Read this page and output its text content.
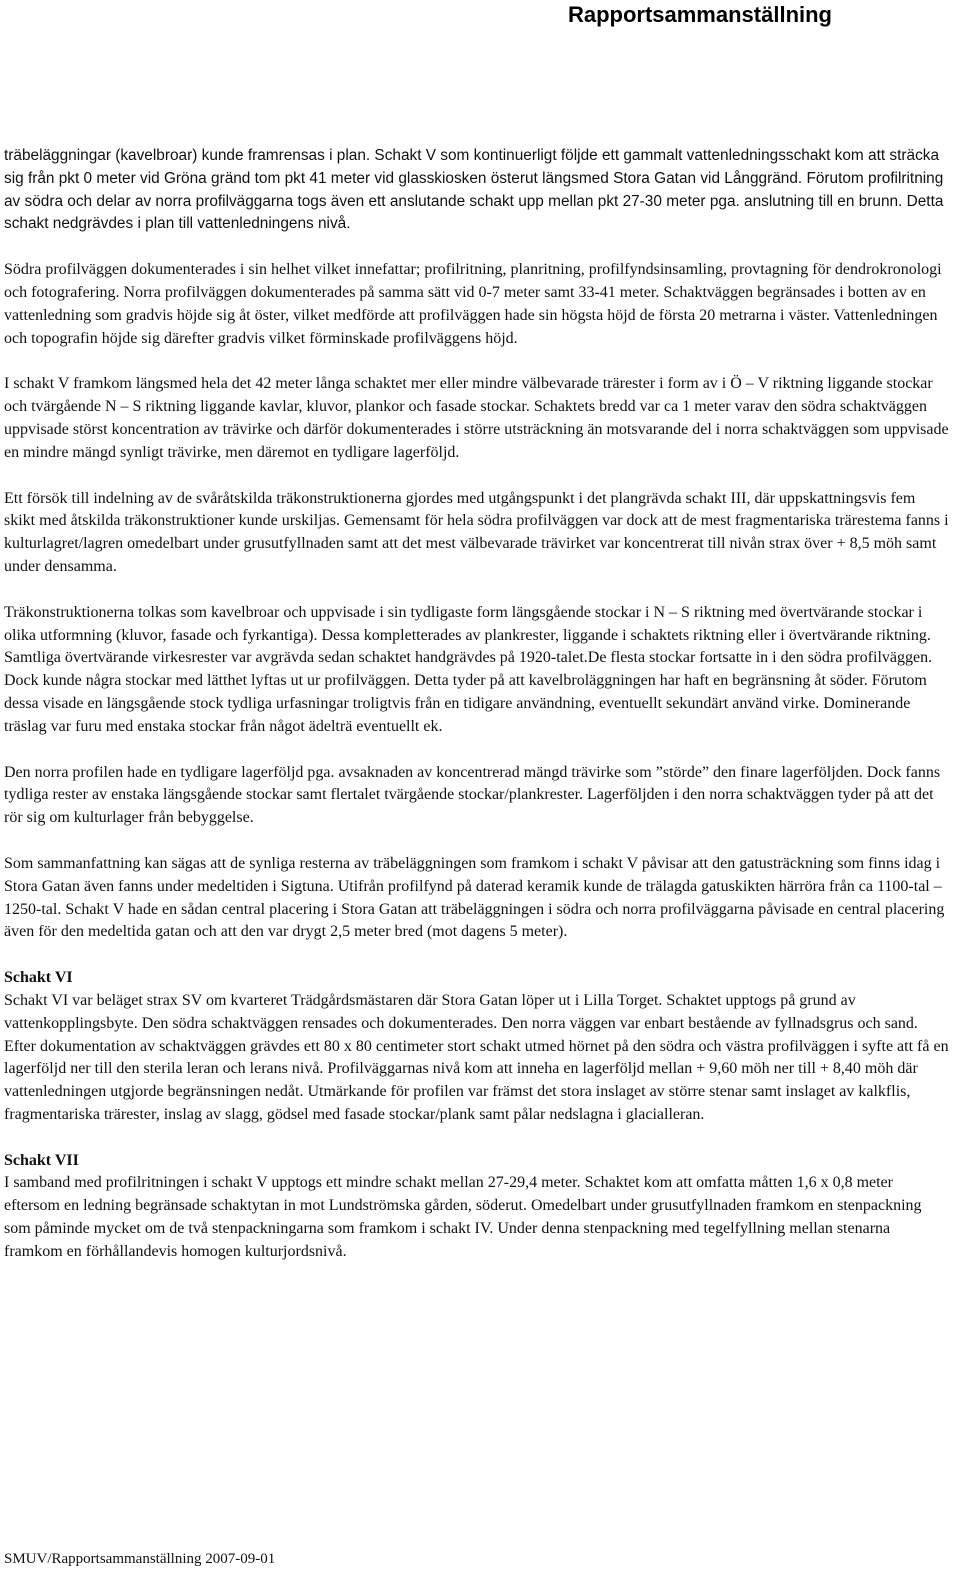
Rapportsammanställning

träbeläggningar (kavelbroar) kunde framrensas i plan. Schakt V som kontinuerligt följde ett gammalt vattenledningsschakt kom att sträcka sig från pkt 0 meter vid Gröna gränd tom pkt 41 meter vid glasskiosken österut längsmed Stora Gatan vid Långgränd. Förutom profilritning av södra och delar av norra profilväggarna togs även ett anslutande schakt upp mellan pkt 27-30 meter pga. anslutning till en brunn. Detta schakt nedgrävdes i plan till vattenledningens nivå.

Södra profilväggen dokumenterades i sin helhet vilket innefattar; profilritning, planritning, profilfyndsinsamling, provtagning för dendrokronologi och fotografering. Norra profilväggen dokumenterades på samma sätt vid 0-7 meter samt 33-41 meter. Schaktväggen begränsades i botten av en vattenledning som gradvis höjde sig åt öster, vilket medförde att profilväggen hade sin högsta höjd de första 20 metrarna i väster. Vattenledningen och topografin höjde sig därefter gradvis vilket förminskade profilväggens höjd.

I schakt V framkom längsmed hela det 42 meter långa schaktet mer eller mindre välbevarade trärester i form av i Ö – V riktning liggande stockar och tvärgående N – S riktning liggande kavlar, kluvor, plankor och fasade stockar. Schaktets bredd var ca 1 meter varav den södra schaktväggen uppvisade störst koncentration av trävirke och därför dokumenterades i större utsträckning än motsvarande del i norra schaktväggen som uppvisade en mindre mängd synligt trävirke, men däremot en tydligare lagerföljd.

Ett försök till indelning av de svåråtskilda träkonstruktionerna gjordes med utgångspunkt i det plangrävda schakt III, där uppskattningsvis fem skikt med åtskilda träkonstruktioner kunde urskiljas. Gemensamt för hela södra profilväggen var dock att de mest fragmentariska trärestema fanns i kulturlagret/lagren omedelbart under grusutfyllnaden samt att det mest välbevarade trävirket var koncentrerat till nivån strax över + 8,5 möh samt under densamma.

Träkonstruktionerna tolkas som kavelbroar och uppvisade i sin tydligaste form längsgående stockar i N – S riktning med övertvärande stockar i olika utformning (kluvor, fasade och fyrkantiga). Dessa kompletterades av plankrester, liggande i schaktets riktning eller i övertvärande riktning. Samtliga övertvärande virkesrester var avgrävda sedan schaktet handgrävdes på 1920-talet.De flesta stockar fortsatte in i den södra profilväggen. Dock kunde några stockar med lätthet lyftas ut ur profilväggen. Detta tyder på att kavelbroläggningen har haft en begränsning åt söder. Förutom dessa visade en längsgående stock tydliga urfasningar troligtvis från en tidigare användning, eventuellt sekundärt använd virke. Dominerande träslag var furu med enstaka stockar från något ädelträ eventuellt ek.

Den norra profilen hade en tydligare lagerföljd pga. avsaknaden av koncentrerad mängd trävirke som ”störde” den finare lagerföljden. Dock fanns tydliga rester av enstaka längsgående stockar samt flertalet tvärgående stockar/plankrester. Lagerföljden i den norra schaktväggen tyder på att det rör sig om kulturlager från bebyggelse.

Som sammanfattning kan sägas att de synliga resterna av träbeläggningen som framkom i schakt V påvisar att den gatusträckning som finns idag i Stora Gatan även fanns under medeltiden i Sigtuna. Utifrån profilfynd på daterad keramik kunde de trälagda gatuskikten härröra från ca 1100-tal – 1250-tal. Schakt V hade en sådan central placering i Stora Gatan att träbeläggningen i södra och norra profilväggarna påvisade en central placering även för den medeltida gatan och att den var drygt 2,5 meter bred (mot dagens 5 meter).

Schakt VI

Schakt VI var beläget strax SV om kvarteret Trädgårdsmästaren där Stora Gatan löper ut i Lilla Torget. Schaktet upptogs på grund av vattenkopplingsbyte. Den södra schaktväggen rensades och dokumenterades. Den norra väggen var enbart bestående av fyllnadsgrus och sand. Efter dokumentation av schaktväggen grävdes ett 80 x 80 centimeter stort schakt utmed hörnet på den södra och västra profilväggen i syfte att få en lagerföljd ner till den sterila leran och lerans nivå. Profilväggarnas nivå kom att inneha en lagerföljd mellan + 9,60 möh ner till + 8,40 möh där vattenledningen utgjorde begränsningen nedåt. Utmärkande för profilen var främst det stora inslaget av större stenar samt inslaget av kalkflis, fragmentariska trärester, inslag av slagg, gödsel med fasade stockar/plank samt pålar nedslagna i glacialleran.

Schakt VII

I samband med profilritningen i schakt V upptogs ett mindre schakt mellan 27-29,4 meter. Schaktet kom att omfatta måtten 1,6 x 0,8 meter eftersom en ledning begränsade schaktytan in mot Lundströmska gården, söderut. Omedelbart under grusutfyllnaden framkom en stenpackning som påminde mycket om de två stenpackningarna som framkom i schakt IV. Under denna stenpackning med tegelfyllning mellan stenarna framkom en förhållandevis homogen kulturjordsnivå.

SMUV/Rapportsammanställning 2007-09-01
